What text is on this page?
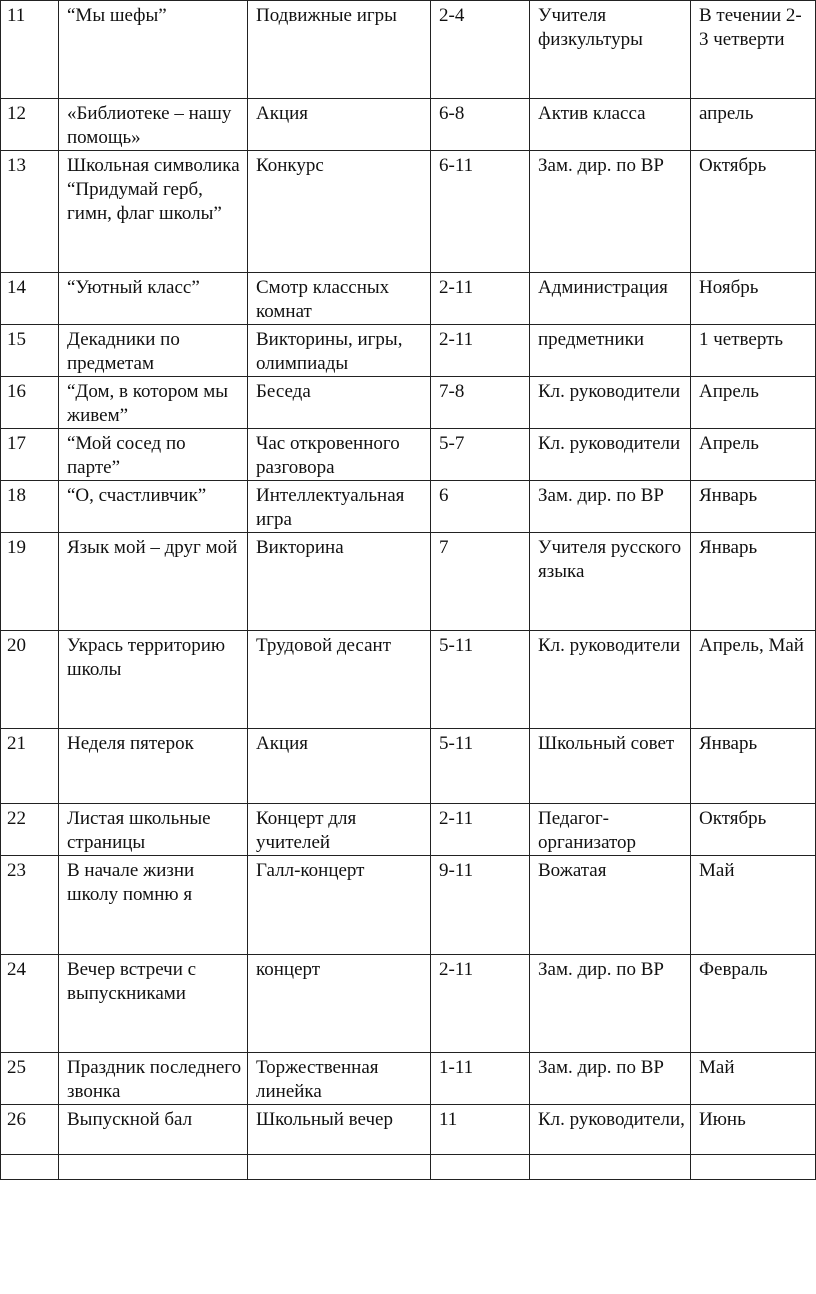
11	“Мы шефы”	Подвижные игры	2-4	Учителя физкультуры	В течении 2-3 четверти
12	«Библиотеке – нашу помощь»	Акция	6-8	Актив класса	апрель
13	Школьная символика “Придумай герб, гимн, флаг школы”	Конкурс	6-11	Зам. дир. по ВР	Октябрь
14	“Уютный класс”	Смотр классных комнат	2-11	Администрация	Ноябрь
15	Декадники по предметам	Викторины, игры, олимпиады	2-11	предметники	1 четверть
16	“Дом, в котором мы живем”	Беседа	7-8	Кл. руководители	Апрель
17	“Мой сосед по парте”	Час откровенного разговора	5-7	Кл. руководители	Апрель
18	“О, счастливчик”	Интеллектуальная игра	6	Зам. дир. по ВР	Январь
19	Язык мой – друг мой	Викторина	7	Учителя русского языка	Январь
20	Укрась территорию школы	Трудовой десант	5-11	Кл. руководители	Апрель, Май
21	Неделя пятерок	Акция	5-11	Школьный совет	Январь
22	Листая школьные страницы	Концерт для учителей	2-11	Педагог-организатор	Октябрь
23	В начале жизни школу помню я	Галл-концерт	9-11	Вожатая	Май
24	Вечер встречи с выпускниками	концерт	2-11	Зам. дир. по ВР	Февраль
25	Праздник последнего звонка	Торжественная линейка	1-11	Зам. дир. по ВР	Май
26	Выпускной бал	Школьный вечер	11	Кл. руководители,	Июнь
